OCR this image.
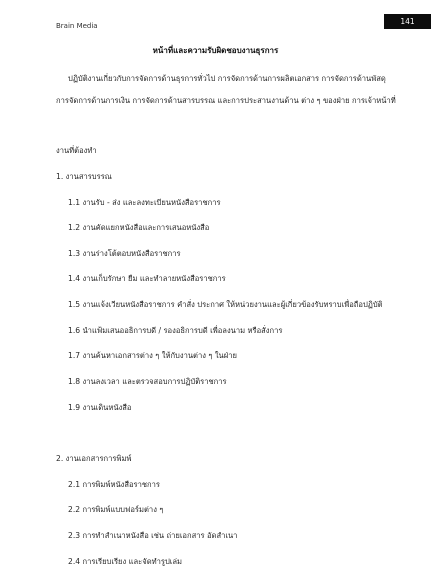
Brain Media	141
หน้าที่และความรับผิดชอบงานธุรการ
ปฏิบัติงานเกี่ยวกับการจัดการด้านธุรการทั่วไป การจัดการด้านการผลิตเอกสาร การจัดการด้านพัสดุ
การจัดการด้านการเงิน การจัดการด้านสารบรรณ และการประสานงานด้าน ต่าง ๆ ของฝ่าย การเจ้าหน้าที่
งานที่ต้องทำ
1. งานสารบรรณ
1.1 งานรับ - ส่ง และลงทะเบียนหนังสือราชการ
1.2 งานคัดแยกหนังสือและการเสนอหนังสือ
1.3 งานร่างโต้ตอบหนังสือราชการ
1.4 งานเก็บรักษา ยืม และทำลายหนังสือราชการ
1.5 งานแจ้งเวียนหนังสือราชการ คำสั่ง ประกาศ ให้หน่วยงานและผู้เกี่ยวข้องรับทราบเพื่อถือปฏิบัติ
1.6 นำแฟ้มเสนออธิการบดี / รองอธิการบดี เพื่อลงนาม หรือสั่งการ
1.7 งานค้นหาเอกสารต่าง ๆ ให้กับงานต่าง ๆ ในฝ่าย
1.8 งานลงเวลา และตรวจสอบการปฏิบัติราชการ
1.9 งานเดินหนังสือ
2. งานเอกสารการพิมพ์
2.1 การพิมพ์หนังสือราชการ
2.2 การพิมพ์แบบฟอร์มต่าง ๆ
2.3 การทำสำเนาหนังสือ เช่น ถ่ายเอกสาร อัดสำเนา
2.4 การเรียบเรียง และจัดทำรูปเล่ม
